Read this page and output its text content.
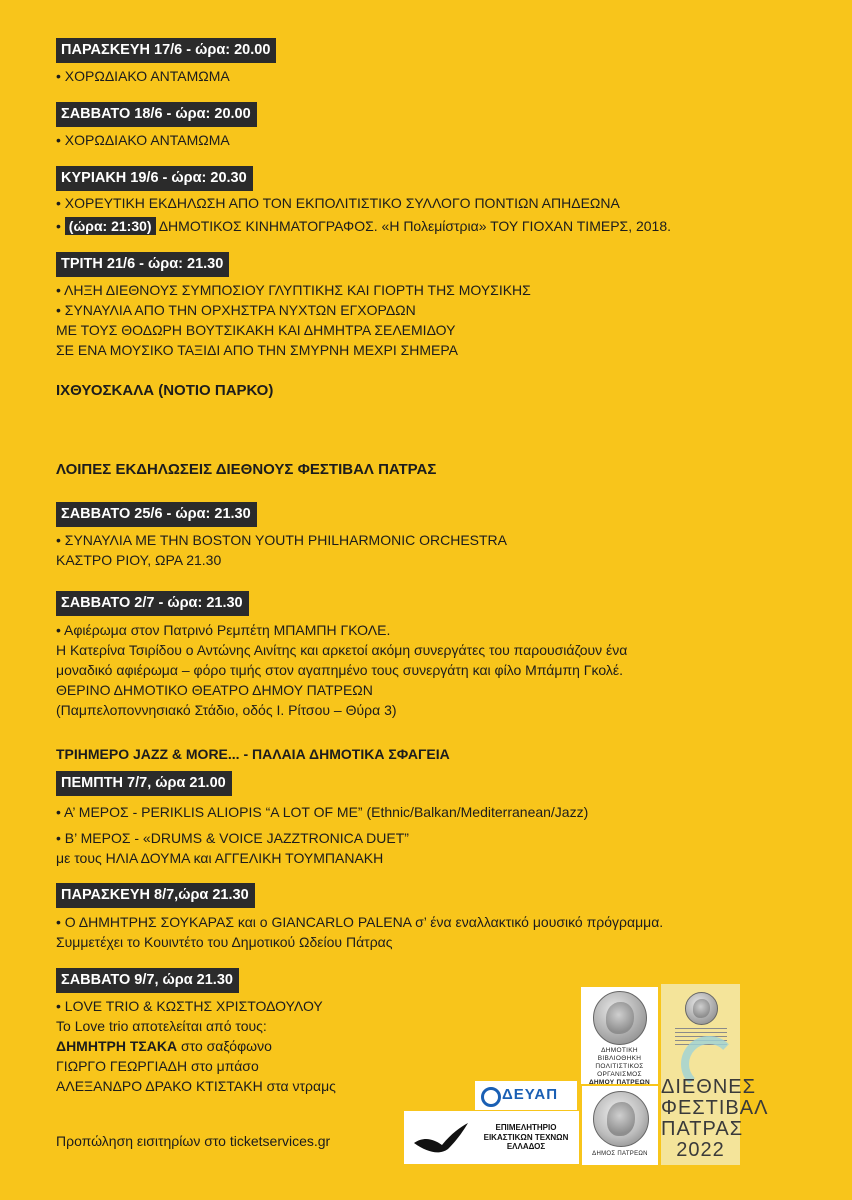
ΠΑΡΑΣΚΕΥΗ 17/6 - ώρα: 20.00
• ΧΟΡΩΔΙΑΚΟ ΑΝΤΑΜΩΜΑ
ΣΑΒΒΑΤΟ 18/6 - ώρα: 20.00
• ΧΟΡΩΔΙΑΚΟ ΑΝΤΑΜΩΜΑ
ΚΥΡΙΑΚΗ 19/6 - ώρα: 20.30
• ΧΟΡΕΥΤΙΚΗ ΕΚΔΗΛΩΣΗ ΑΠΟ ΤΟΝ ΕΚΠΟΛΙΤΙΣΤΙΚΟ ΣΥΛΛΟΓΟ ΠΟΝΤΙΩΝ ΑΠΗΔΕΩΝΑ
• (ώρα: 21:30) ΔΗΜΟΤΙΚΟΣ ΚΙΝΗΜΑΤΟΓΡΑΦΟΣ. «Η Πολεμίστρια» ΤΟΥ ΓΙΟΧΑΝ ΤΙΜΕΡΣ, 2018.
ΤΡΙΤΗ 21/6 - ώρα: 21.30
• ΛΗΞΗ ΔΙΕΘΝΟΥΣ ΣΥΜΠΟΣΙΟΥ ΓΛΥΠΤΙΚΗΣ ΚΑΙ ΓΙΟΡΤΗ ΤΗΣ ΜΟΥΣΙΚΗΣ
• ΣΥΝΑΥΛΙΑ ΑΠΟ ΤΗΝ ΟΡΧΗΣΤΡΑ ΝΥΧΤΩΝ ΕΓΧΟΡΔΩΝ
ΜΕ ΤΟΥΣ ΘΟΔΩΡΗ ΒΟΥΤΣΙΚΑΚΗ ΚΑΙ ΔΗΜΗΤΡΑ ΣΕΛΕΜΙΔΟΥ
ΣΕ ΕΝΑ ΜΟΥΣΙΚΟ ΤΑΞΙΔΙ ΑΠΟ ΤΗΝ ΣΜΥΡΝΗ ΜΕΧΡΙ ΣΗΜΕΡΑ
ΙΧΘΥΟΣΚΑΛΑ (ΝΟΤΙΟ ΠΑΡΚΟ)
ΛΟΙΠΕΣ ΕΚΔΗΛΩΣΕΙΣ ΔΙΕΘΝΟΥΣ ΦΕΣΤΙΒΑΛ ΠΑΤΡΑΣ
ΣΑΒΒΑΤΟ 25/6 - ώρα: 21.30
• ΣΥΝΑΥΛΙΑ ΜΕ ΤΗΝ BOSTON YOUTH PHILHARMONIC ORCHESTRA
ΚΑΣΤΡΟ ΡΙΟΥ, ΩΡΑ 21.30
ΣΑΒΒΑΤΟ 2/7 - ώρα: 21.30
• Αφιέρωμα στον Πατρινό Ρεμπέτη ΜΠΑΜΠΗ ΓΚΟΛΕ.
Η Κατερίνα Τσιρίδου ο Αντώνης Αινίτης και αρκετοί ακόμη συνεργάτες του παρουσιάζουν ένα
μοναδικό αφιέρωμα – φόρο τιμής στον αγαπημένο τους συνεργάτη και φίλο Μπάμπη Γκολέ.
ΘΕΡΙΝΟ ΔΗΜΟΤΙΚΟ ΘΕΑΤΡΟ ΔΗΜΟΥ ΠΑΤΡΕΩΝ
(Παμπελοποννησιακό Στάδιο, οδός Ι. Ρίτσου – Θύρα 3)
ΤΡΙΗΜΕΡΟ JAZZ & MORE... - ΠΑΛΑΙΑ ΔΗΜΟΤΙΚΑ ΣΦΑΓΕΙΑ
ΠΕΜΠΤΗ 7/7, ώρα 21.00
• Α’ ΜΕΡΟΣ - PERIKLIS ALIOPIS “A LOT OF ME” (Ethnic/Balkan/Mediterranean/Jazz)
• Β’ ΜΕΡΟΣ - «DRUMS & VOICE JAZZTRONICA DUET”
με τους ΗΛΙΑ ΔΟΥΜΑ και ΑΓΓΕΛΙΚΗ ΤΟΥΜΠΑΝΑΚΗ
ΠΑΡΑΣΚΕΥΗ 8/7,ώρα 21.30
• Ο ΔΗΜΗΤΡΗΣ ΣΟΥΚΑΡΑΣ και ο GIANCARLO PALENA σ’ ένα εναλλακτικό μουσικό πρόγραμμα.
Συμμετέχει το Κουιντέτο του Δημοτικού Ωδείου Πάτρας
ΣΑΒΒΑΤΟ 9/7, ώρα 21.30
• LOVE TRIO & ΚΩΣΤΗΣ ΧΡΙΣΤΟΔΟΥΛΟΥ
Το Love trio αποτελείται από τους:
ΔΗΜΗΤΡΗ ΤΣΑΚΑ στο σαξόφωνο
ΓΙΩΡΓΟ ΓΕΩΡΓΙΑΔΗ στο μπάσο
ΑΛΕΞΑΝΔΡΟ ΔΡΑΚΟ ΚΤΙΣΤΑΚΗ στα ντραμς
Προπώληση εισιτηρίων στο ticketservices.gr
ΔΗΜΟΤΙΚΗ ΒΙΒΛΙΟΘΗΚΗ
ΠΟΛΙΤΙΣΤΙΚΟΣ
ΟΡΓΑΝΙΣΜΟΣ
ΔΗΜΟΥ ΠΑΤΡΕΩΝ ΔΙΕΘΝΕΣ
ΦΕΣΤΙΒΑΛ
ΠΑΤΡΑΣ
2022
ΔΕΥΑΠ
ΕΠΙΜΕΛΗΤΗΡΙΟ
ΕΙΚΑΣΤΙΚΩΝ ΤΕΧΝΩΝ
ΕΛΛΑΔΟΣ
ΔΗΜΟΣ ΠΑΤΡΕΩΝ
